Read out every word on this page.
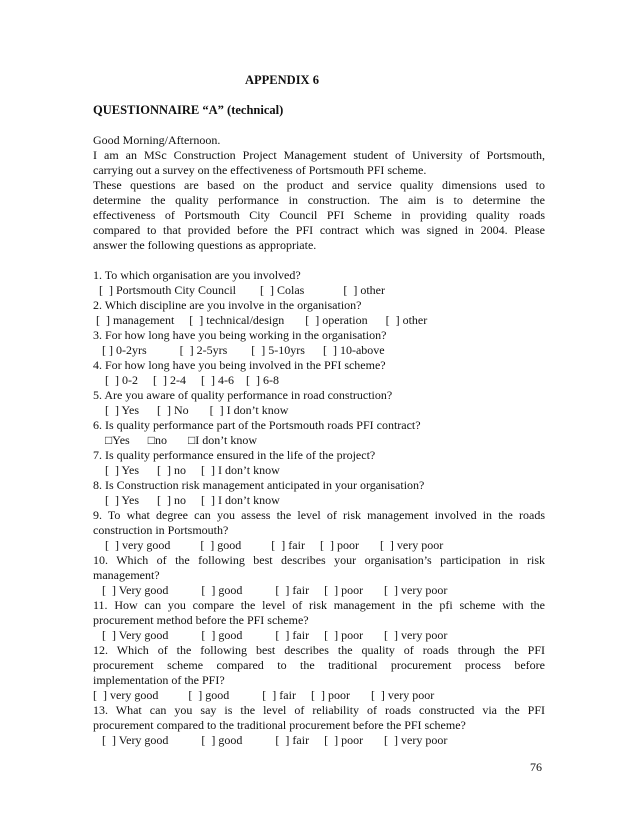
APPENDIX 6
QUESTIONNAIRE “A” (technical)

Good Morning/Afternoon.

I am an MSc Construction Project Management student of University of Portsmouth,

carrying out a survey on the effectiveness of Portsmouth PFI scheme.

These questions are based on the product and service quality dimensions used to

determine the quality performance in construction. The aim is to determine the

effectiveness of Portsmouth City Council PFI Scheme in providing quality roads

compared to that provided before the PFI contract which was signed in 2004. Please

answer the following questions as appropriate.

1. To which organisation are you involved?

[  ] Portsmouth City Council        [  ] Colas             [  ] other

2. Which discipline are you involve in the organisation?

[  ] management     [  ] technical/design       [  ] operation      [  ] other

3. For how long have you being working in the organisation?

[ ] 0-2yrs           [  ] 2-5yrs        [  ] 5-10yrs      [  ] 10-above

4. For how long have you being involved in the PFI scheme?

[  ] 0-2     [  ] 2-4     [  ] 4-6    [  ] 6-8

5. Are you aware of quality performance in road construction?

[  ] Yes      [  ] No       [  ] I don’t know

6. Is quality performance part of the Portsmouth roads PFI contract?

□Yes      □no       □I don’t know

7. Is quality performance ensured in the life of the project?

[  ] Yes      [  ] no     [  ] I don’t know

8. Is Construction risk management anticipated in your organisation?

[  ] Yes      [  ] no     [  ] I don’t know

9. To what degree can you assess the level of risk management involved in the roads

construction in Portsmouth?

[  ] very good          [  ] good          [  ] fair     [  ] poor       [  ] very poor

10. Which of the following best describes your organisation’s participation in risk

management?

[  ] Very good           [  ] good           [  ] fair     [  ] poor       [  ] very poor

11. How can you compare the level of risk management in the pfi scheme with the

procurement method before the PFI scheme?

[  ] Very good           [  ] good           [  ] fair     [  ] poor       [  ] very poor

12. Which of the following best describes the quality of roads through the PFI

procurement scheme compared to the traditional procurement process before

implementation of the PFI?

[  ] very good          [  ] good           [  ] fair     [  ] poor       [  ] very poor

13. What can you say is the level of reliability of roads constructed via the PFI

procurement compared to the traditional procurement before the PFI scheme?

[  ] Very good           [  ] good           [  ] fair     [  ] poor       [  ] very poor

76
